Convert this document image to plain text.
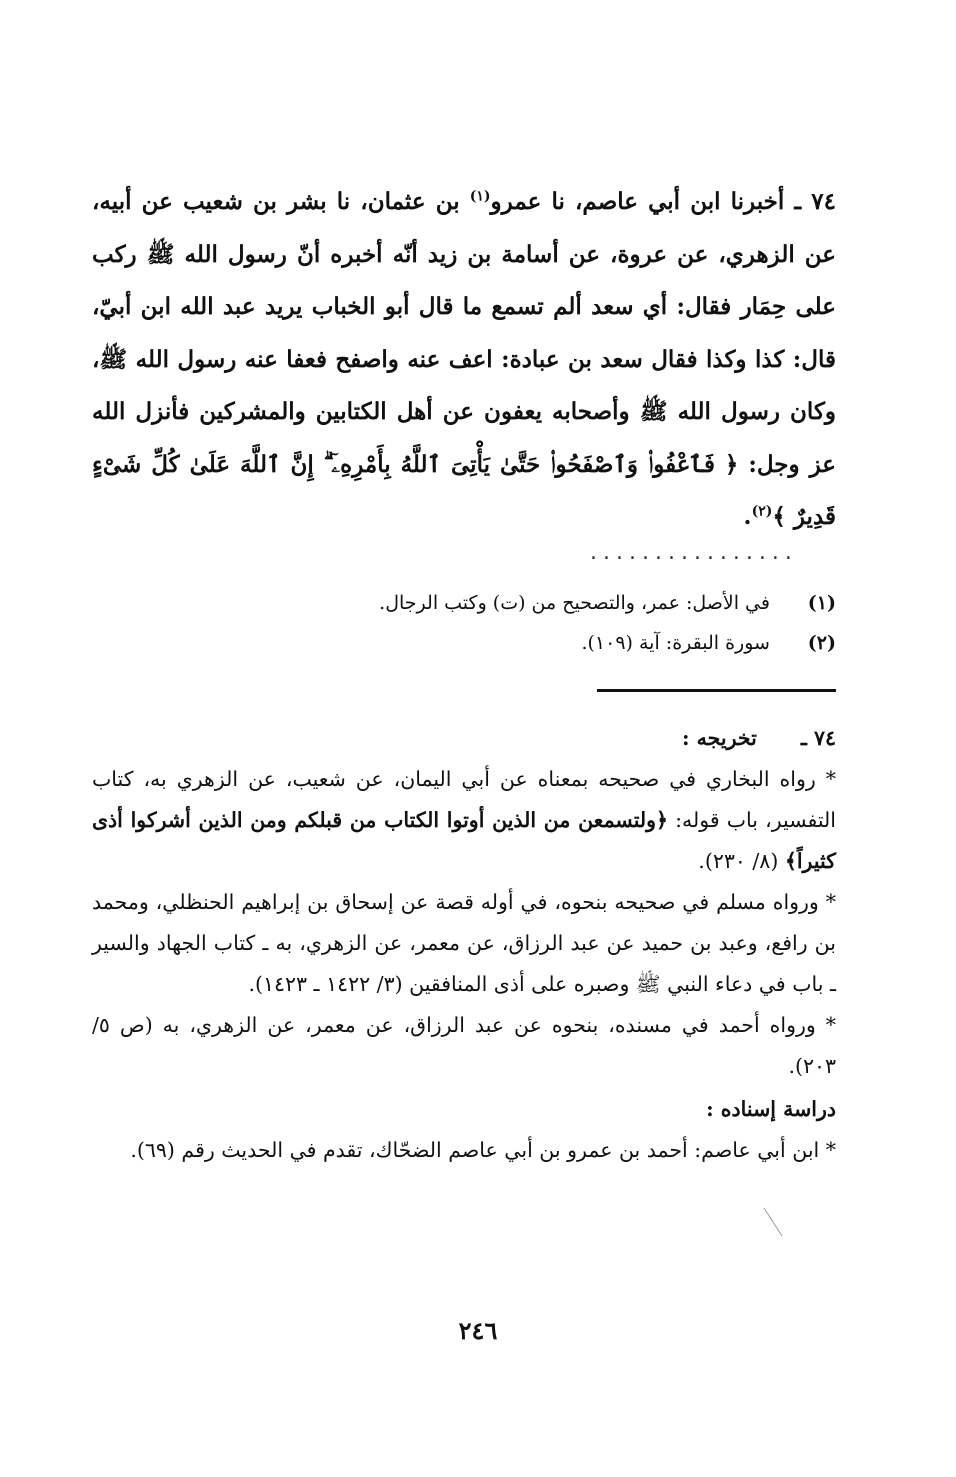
٧٤ ـ أخبرنا ابن أبي عاصم، نا عمرو$^{(١)}$ بن عثمان، نا بشر بن شعيب عن أبيه، عن الزهري، عن عروة، عن أسامة بن زيد أنّه أخبره أنّ رسول الله ﷺ ركب على حِمَار فقال: أي سعد ألم تسمع ما قال أبو الخباب يريد عبد الله ابن أبيّ، قال: كذا وكذا فقال سعد بن عبادة: اعف عنه واصفح فعفا عنه رسول الله ﷺ، وكان رسول الله ﷺ وأصحابه يعفون عن أهل الكتابين والمشركين فأنزل الله عز وجل: ﴿ فَٱعْفُوا۟ وَٱصْفَحُوا۟ حَتَّىٰ يَأْتِىَ ٱللَّهُ بِأَمْرِهِۦٓ ۗ إِنَّ ٱللَّهَ عَلَىٰ كُلِّ شَىْءٍ قَدِيرٌ ﴾$^{(٢)}$.

................
(١) في الأصل: عمر، والتصحيح من (ت) وكتب الرجال.
(٢) سورة البقرة: آية (١٠٩).

٧٤ ـ تخريجه :

* رواه البخاري في صحيحه بمعناه عن أبي اليمان، عن شعيب، عن الزهري به، كتاب التفسير، باب قوله: ﴿ولتسمعن من الذين أوتوا الكتاب من قبلكم ومن الذين أشركوا أذى كثيراً﴾ (٨/ ٢٣٠).

* ورواه مسلم في صحيحه بنحوه، في أوله قصة عن إسحاق بن إبراهيم الحنظلي، ومحمد بن رافع، وعبد بن حميد عن عبد الرزاق، عن معمر، عن الزهري، به ـ كتاب الجهاد والسير ـ باب في دعاء النبي ﷺ وصبره على أذى المنافقين (٣/ ١٤٢٢ ـ ١٤٢٣).

* ورواه أحمد في مسنده، بنحوه عن عبد الرزاق، عن معمر، عن الزهري، به (ص ٥/ ٢٠٣).

دراسة إسناده :

* ابن أبي عاصم: أحمد بن عمرو بن أبي عاصم الضحّاك، تقدم في الحديث رقم (٦٩).

٢٤٦
